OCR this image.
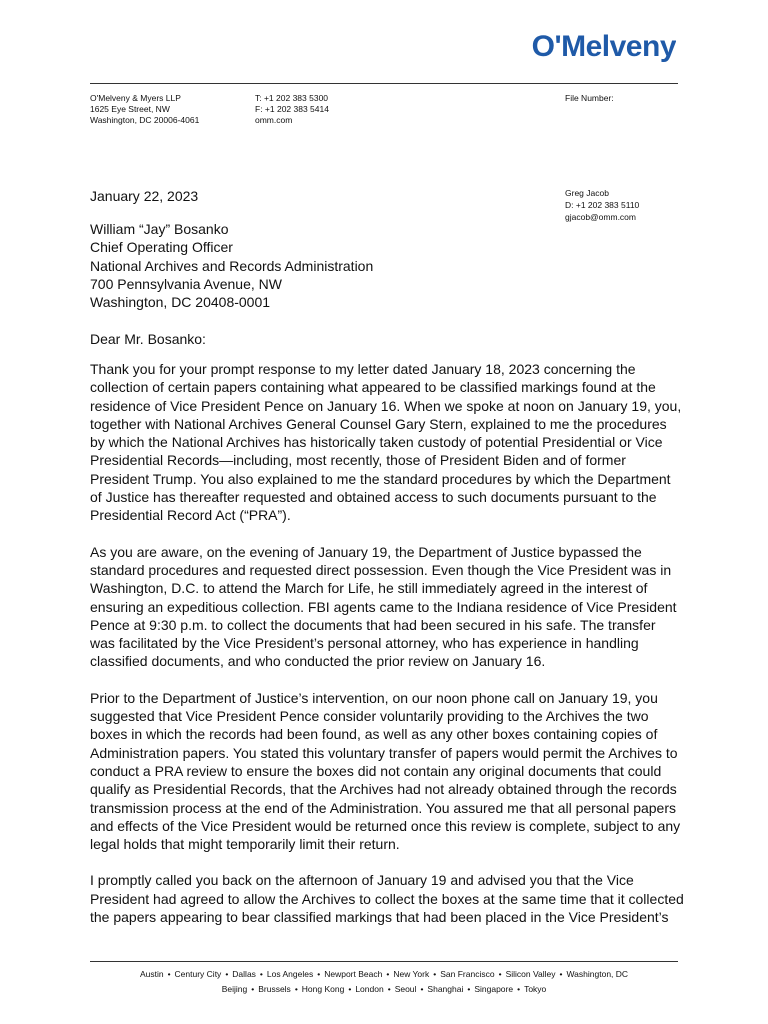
O'Melveny
O'Melveny & Myers LLP
1625 Eye Street, NW
Washington, DC 20006-4061
T: +1 202 383 5300
F: +1 202 383 5414
omm.com
File Number:
Greg Jacob
D: +1 202 383 5110
gjacob@omm.com
January 22, 2023
William “Jay” Bosanko
Chief Operating Officer
National Archives and Records Administration
700 Pennsylvania Avenue, NW
Washington, DC 20408-0001
Dear Mr. Bosanko:

Thank you for your prompt response to my letter dated January 18, 2023 concerning the
collection of certain papers containing what appeared to be classified markings found at the
residence of Vice President Pence on January 16. When we spoke at noon on January 19, you,
together with National Archives General Counsel Gary Stern, explained to me the procedures
by which the National Archives has historically taken custody of potential Presidential or Vice
Presidential Records—including, most recently, those of President Biden and of former
President Trump. You also explained to me the standard procedures by which the Department
of Justice has thereafter requested and obtained access to such documents pursuant to the
Presidential Record Act (“PRA”).

As you are aware, on the evening of January 19, the Department of Justice bypassed the
standard procedures and requested direct possession. Even though the Vice President was in
Washington, D.C. to attend the March for Life, he still immediately agreed in the interest of
ensuring an expeditious collection. FBI agents came to the Indiana residence of Vice President
Pence at 9:30 p.m. to collect the documents that had been secured in his safe. The transfer
was facilitated by the Vice President’s personal attorney, who has experience in handling
classified documents, and who conducted the prior review on January 16.

Prior to the Department of Justice’s intervention, on our noon phone call on January 19, you
suggested that Vice President Pence consider voluntarily providing to the Archives the two
boxes in which the records had been found, as well as any other boxes containing copies of
Administration papers. You stated this voluntary transfer of papers would permit the Archives to
conduct a PRA review to ensure the boxes did not contain any original documents that could
qualify as Presidential Records, that the Archives had not already obtained through the records
transmission process at the end of the Administration. You assured me that all personal papers
and effects of the Vice President would be returned once this review is complete, subject to any
legal holds that might temporarily limit their return.

I promptly called you back on the afternoon of January 19 and advised you that the Vice
President had agreed to allow the Archives to collect the boxes at the same time that it collected
the papers appearing to bear classified markings that had been placed in the Vice President’s

Austin • Century City • Dallas • Los Angeles • Newport Beach • New York • San Francisco • Silicon Valley • Washington, DC
Beijing • Brussels • Hong Kong • London • Seoul • Shanghai • Singapore • Tokyo
